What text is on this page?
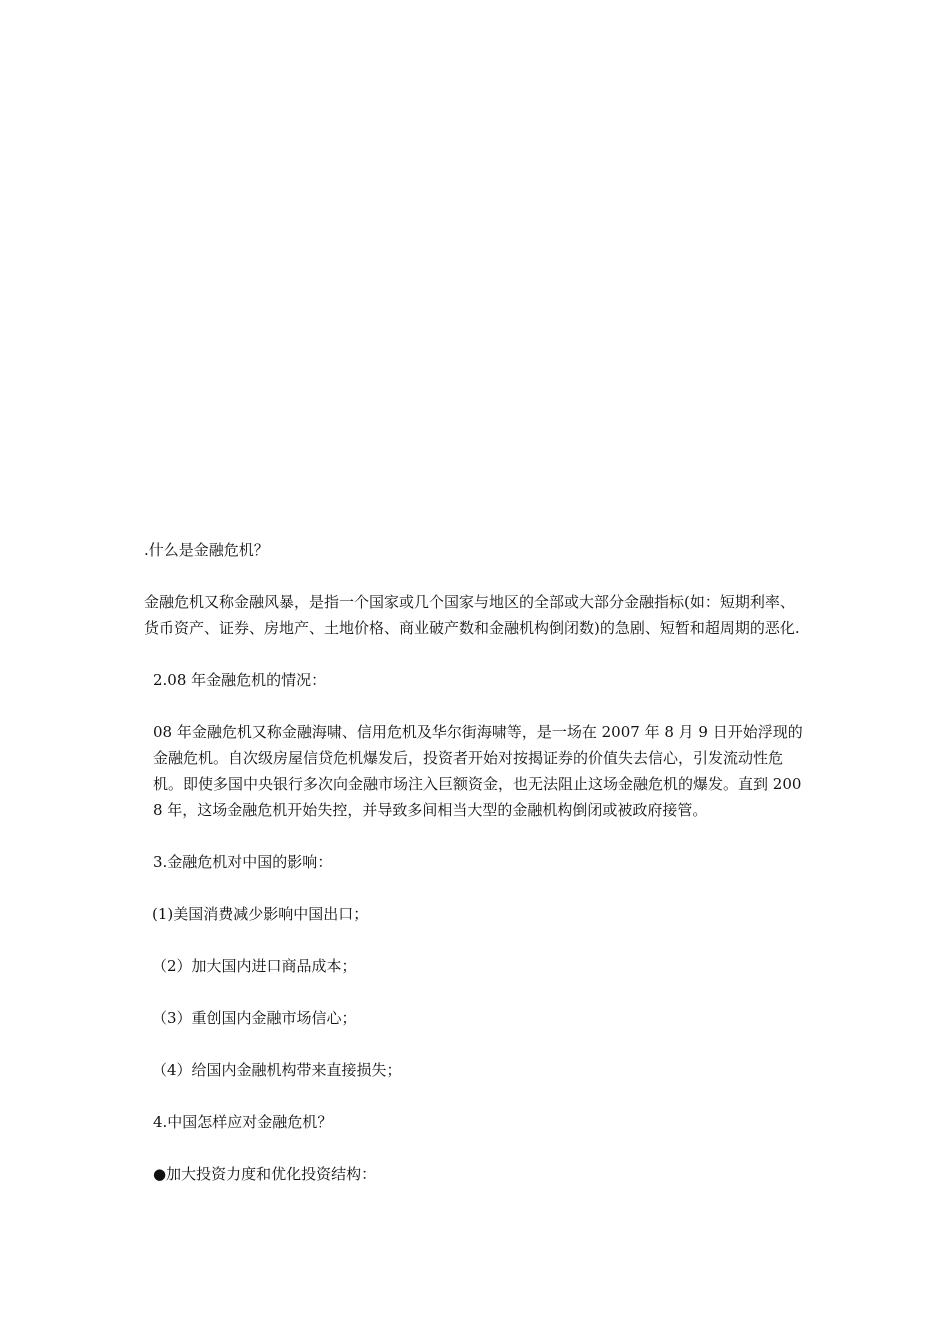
.什么是金融危机？

金融危机又称金融风暴，是指一个国家或几个国家与地区的全部或大部分金融指标(如：短期利率、货币资产、证券、房地产、土地价格、商业破产数和金融机构倒闭数)的急剧、短暂和超周期的恶化.

2.08 年金融危机的情况：

08 年金融危机又称金融海啸、信用危机及华尔街海啸等，是一场在 2007 年 8 月 9 日开始浮现的金融危机。自次级房屋信贷危机爆发后，投资者开始对按揭证券的价值失去信心，引发流动性危机。即使多国中央银行多次向金融市场注入巨额资金，也无法阻止这场金融危机的爆发。直到 2008 年，这场金融危机开始失控，并导致多间相当大型的金融机构倒闭或被政府接管。

3.金融危机对中国的影响：

(1)美国消费减少影响中国出口；

（2）加大国内进口商品成本；

（3）重创国内金融市场信心；

（4）给国内金融机构带来直接损失；

4.中国怎样应对金融危机？

●加大投资力度和优化投资结构：
